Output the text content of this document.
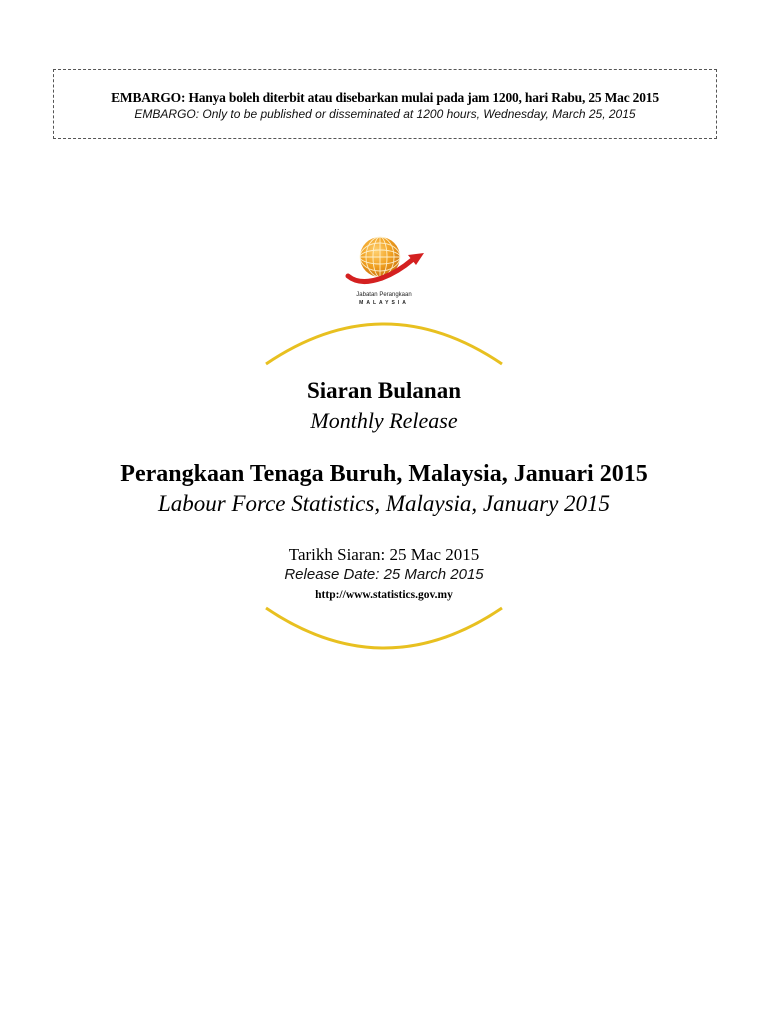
EMBARGO: Hanya boleh diterbit atau disebarkan mulai pada jam 1200, hari Rabu, 25 Mac 2015
EMBARGO: Only to be published or disseminated at 1200 hours, Wednesday, March 25, 2015
Jabatan Perangkaan
MALAYSIA
Siaran Bulanan
Monthly Release
Perangkaan Tenaga Buruh, Malaysia, Januari 2015
Labour Force Statistics, Malaysia, January 2015
Tarikh Siaran: 25 Mac 2015
Release Date: 25 March 2015
http://www.statistics.gov.my
